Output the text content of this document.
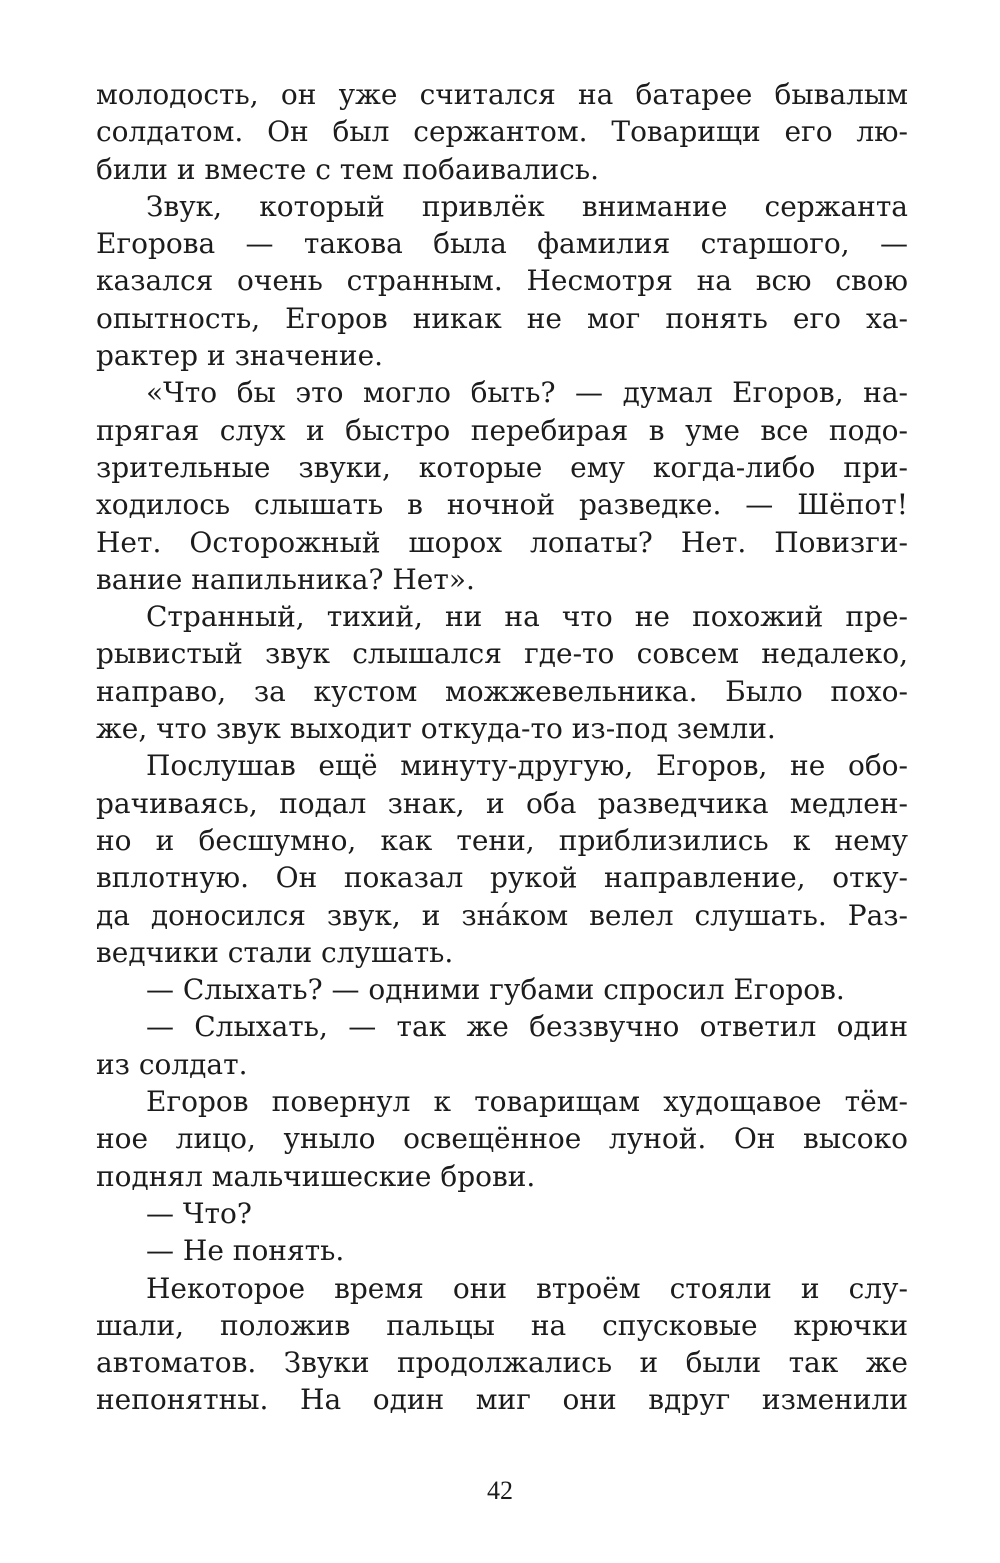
молодость, он уже считался на батарее бывалым
солдатом. Он был сержантом. Товарищи его лю-
били и вместе с тем побаивались.
Звук, который привлёк внимание сержанта
Егорова — такова была фамилия старшого, —
казался очень странным. Несмотря на всю свою
опытность, Егоров никак не мог понять его ха-
рактер и значение.
«Что бы это могло быть? — думал Егоров, на-
прягая слух и быстро перебирая в уме все подо-
зрительные звуки, которые ему когда-либо при-
ходилось слышать в ночной разведке. — Шёпот!
Нет. Осторожный шорох лопаты? Нет. Повизги-
вание напильника? Нет».
Странный, тихий, ни на что не похожий пре-
рывистый звук слышался где-то совсем недалеко,
направо, за кустом можжевельника. Было похо-
же, что звук выходит откуда-то из-под земли.
Послушав ещё минуту-другую, Егоров, не обо-
рачиваясь, подал знак, и оба разведчика медлен-
но и бесшумно, как тени, приблизились к нему
вплотную. Он показал рукой направление, отку-
да доносился звук, и зна́ком велел слушать. Раз-
ведчики стали слушать.
— Слыхать? — одними губами спросил Егоров.
— Слыхать, — так же беззвучно ответил один
из солдат.
Егоров повернул к товарищам худощавое тём-
ное лицо, уныло освещённое луной. Он высоко
поднял мальчишеские брови.
— Что?
— Не понять.
Некоторое время они втроём стояли и слу-
шали, положив пальцы на спусковые крючки
автоматов. Звуки продолжались и были так же
непонятны. На один миг они вдруг изменили
42
